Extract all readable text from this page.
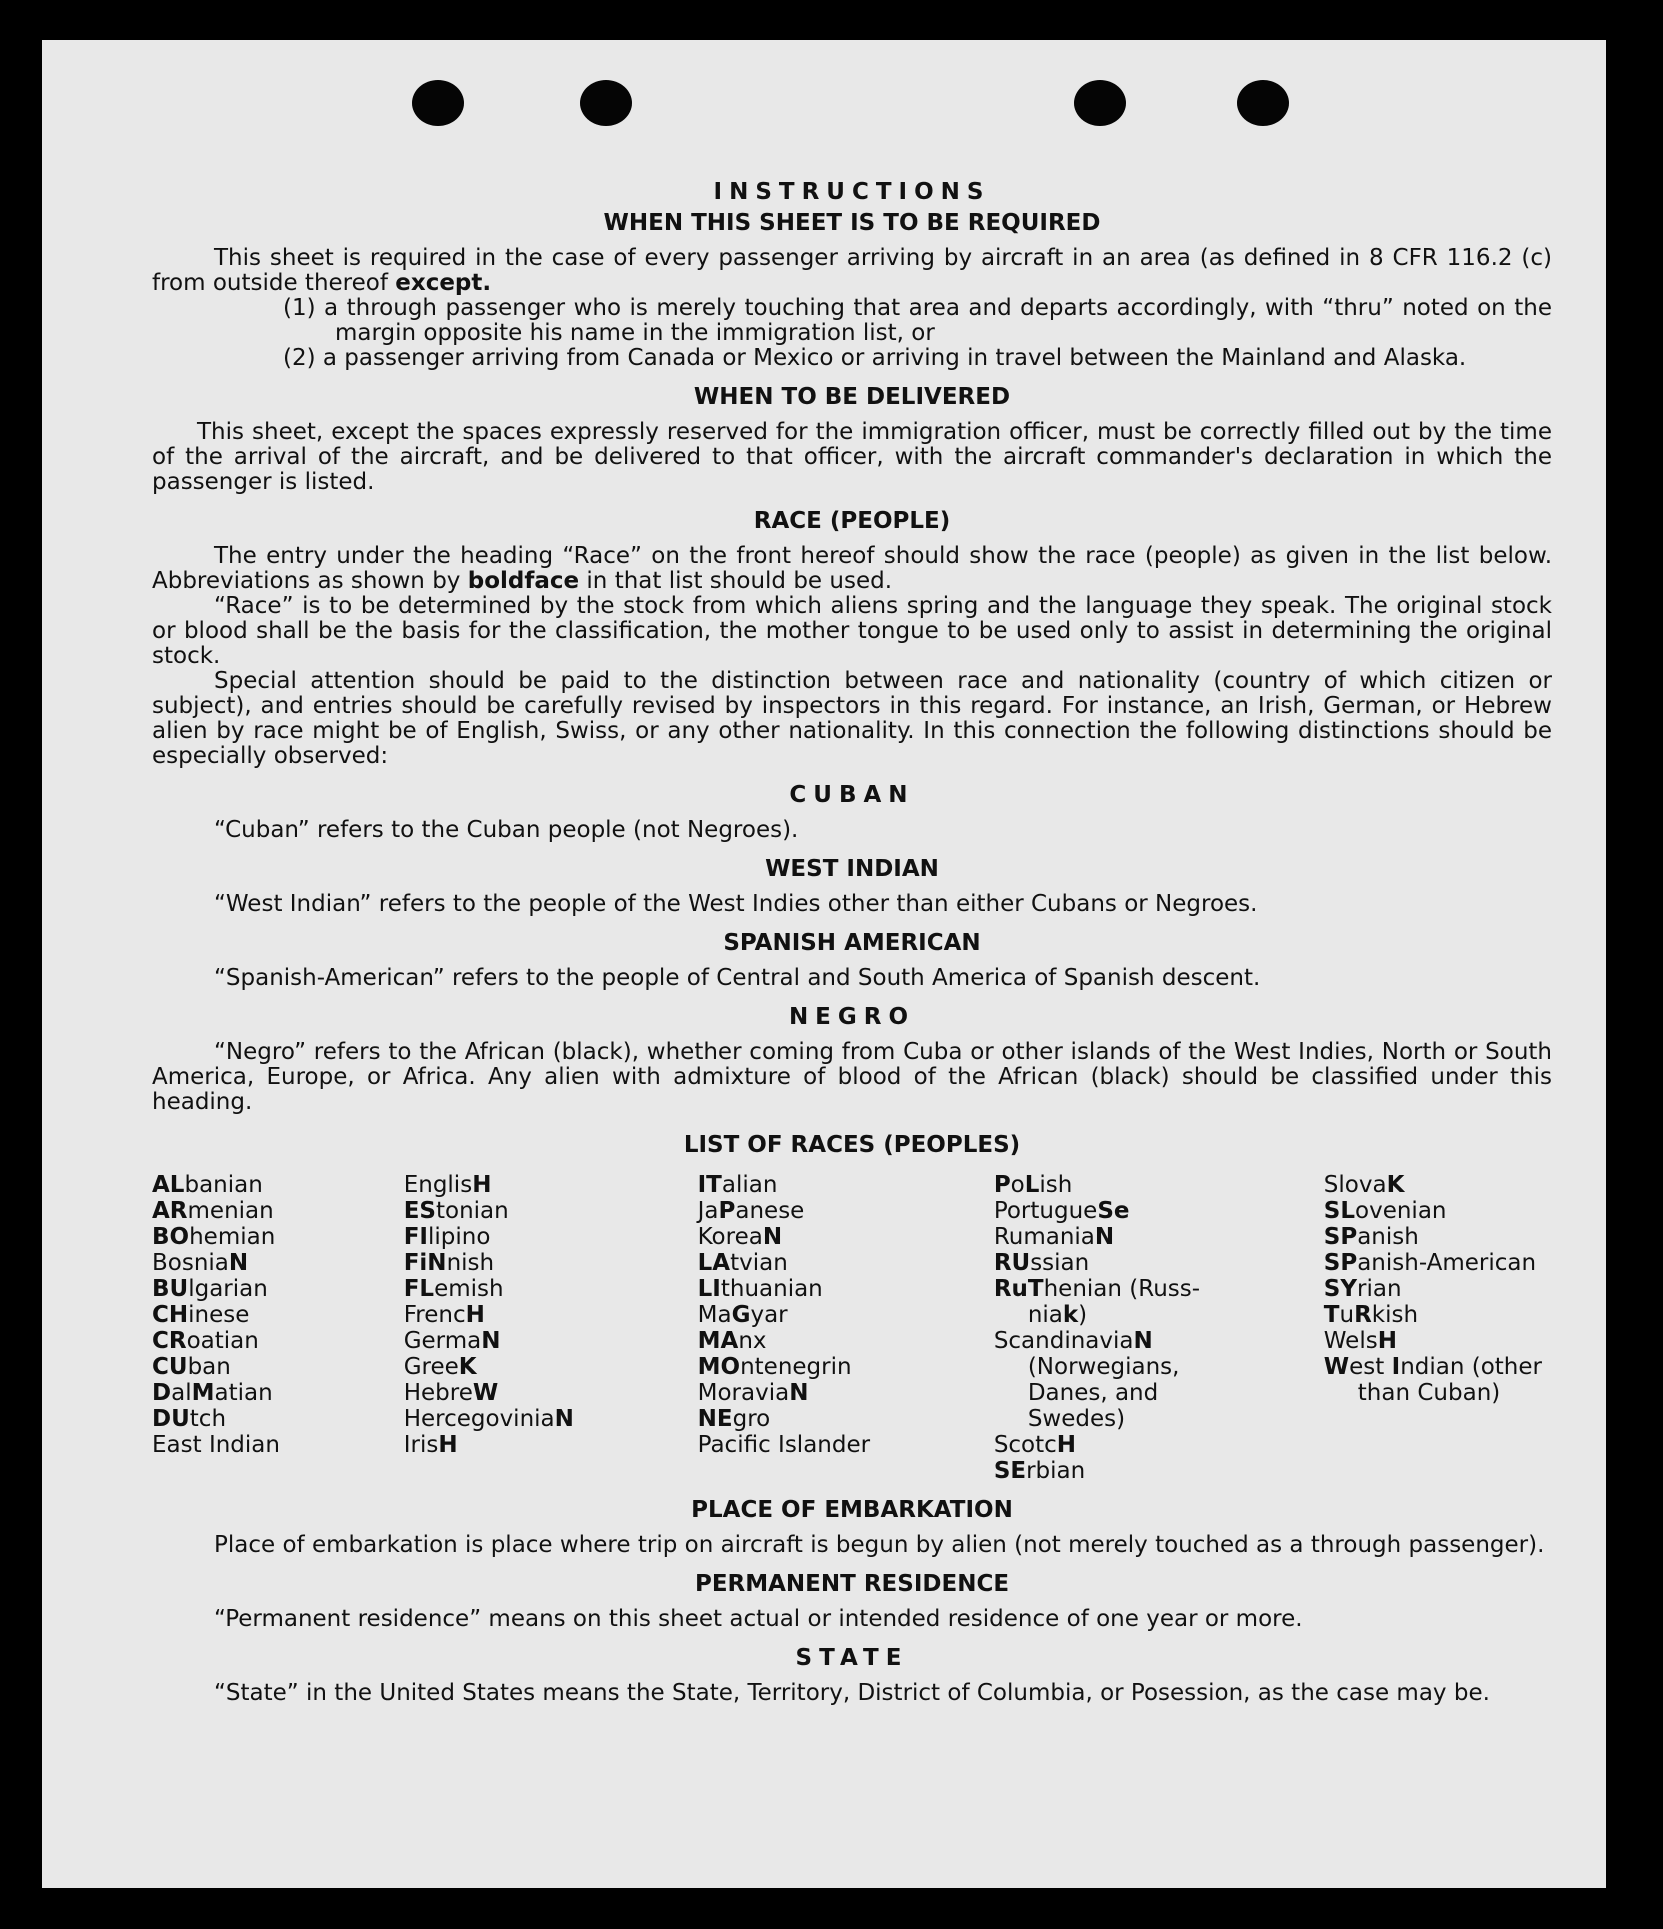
INSTRUCTIONS
WHEN THIS SHEET IS TO BE REQUIRED
This sheet is required in the case of every passenger arriving by aircraft in an area (as defined in 8 CFR 116.2 (c) from outside thereof except.
(1) a through passenger who is merely touching that area and departs accordingly, with “thru” noted on the margin opposite his name in the immigration list, or
(2) a passenger arriving from Canada or Mexico or arriving in travel between the Mainland and Alaska.
WHEN TO BE DELIVERED
This sheet, except the spaces expressly reserved for the immigration officer, must be correctly filled out by the time of the arrival of the aircraft, and be delivered to that officer, with the aircraft commander's declaration in which the passenger is listed.
RACE (PEOPLE)
The entry under the heading “Race” on the front hereof should show the race (people) as given in the list below. Abbreviations as shown by boldface in that list should be used.
“Race” is to be determined by the stock from which aliens spring and the language they speak. The original stock or blood shall be the basis for the classification, the mother tongue to be used only to assist in determining the original stock.
Special attention should be paid to the distinction between race and nationality (country of which citizen or subject), and entries should be carefully revised by inspectors in this regard. For instance, an Irish, German, or Hebrew alien by race might be of English, Swiss, or any other nationality. In this connection the following distinctions should be especially observed:
CUBAN
“Cuban” refers to the Cuban people (not Negroes).
WEST INDIAN
“West Indian” refers to the people of the West Indies other than either Cubans or Negroes.
SPANISH AMERICAN
“Spanish-American” refers to the people of Central and South America of Spanish descent.
NEGRO
“Negro” refers to the African (black), whether coming from Cuba or other islands of the West Indies, North or South America, Europe, or Africa. Any alien with admixture of blood of the African (black) should be classified under this heading.
LIST OF RACES (PEOPLES)
ALbanian
ARmenian
BOhemian
BosniaN
BUlgarian
CHinese
CRoatian
CUban
DalMatian
DUtch
East Indian
EnglisH
EStonian
FIlipino
FiNnish
FLemish
FrencH
GermaN
GreeK
HebreW
HercegoviniaN
IrisH
ITalian
JaPanese
KoreaN
LAtvian
LIthuanian
MaGyar
MAnx
MOntenegrin
MoraviaN
NEgro
Pacific Islander
PoLish
PortugueSe
RumaniaN
RUssian
RuThenian (Russ-
niak)
ScandinaviaN
(Norwegians,
Danes, and
Swedes)
ScotcH
SErbian
SlovaK
SLovenian
SPanish
SPanish-American
SYrian
TuRkish
WelsH
West Indian (other
than Cuban)
PLACE OF EMBARKATION
Place of embarkation is place where trip on aircraft is begun by alien (not merely touched as a through passenger).
PERMANENT RESIDENCE
“Permanent residence” means on this sheet actual or intended residence of one year or more.
STATE
“State” in the United States means the State, Territory, District of Columbia, or Posession, as the case may be.
